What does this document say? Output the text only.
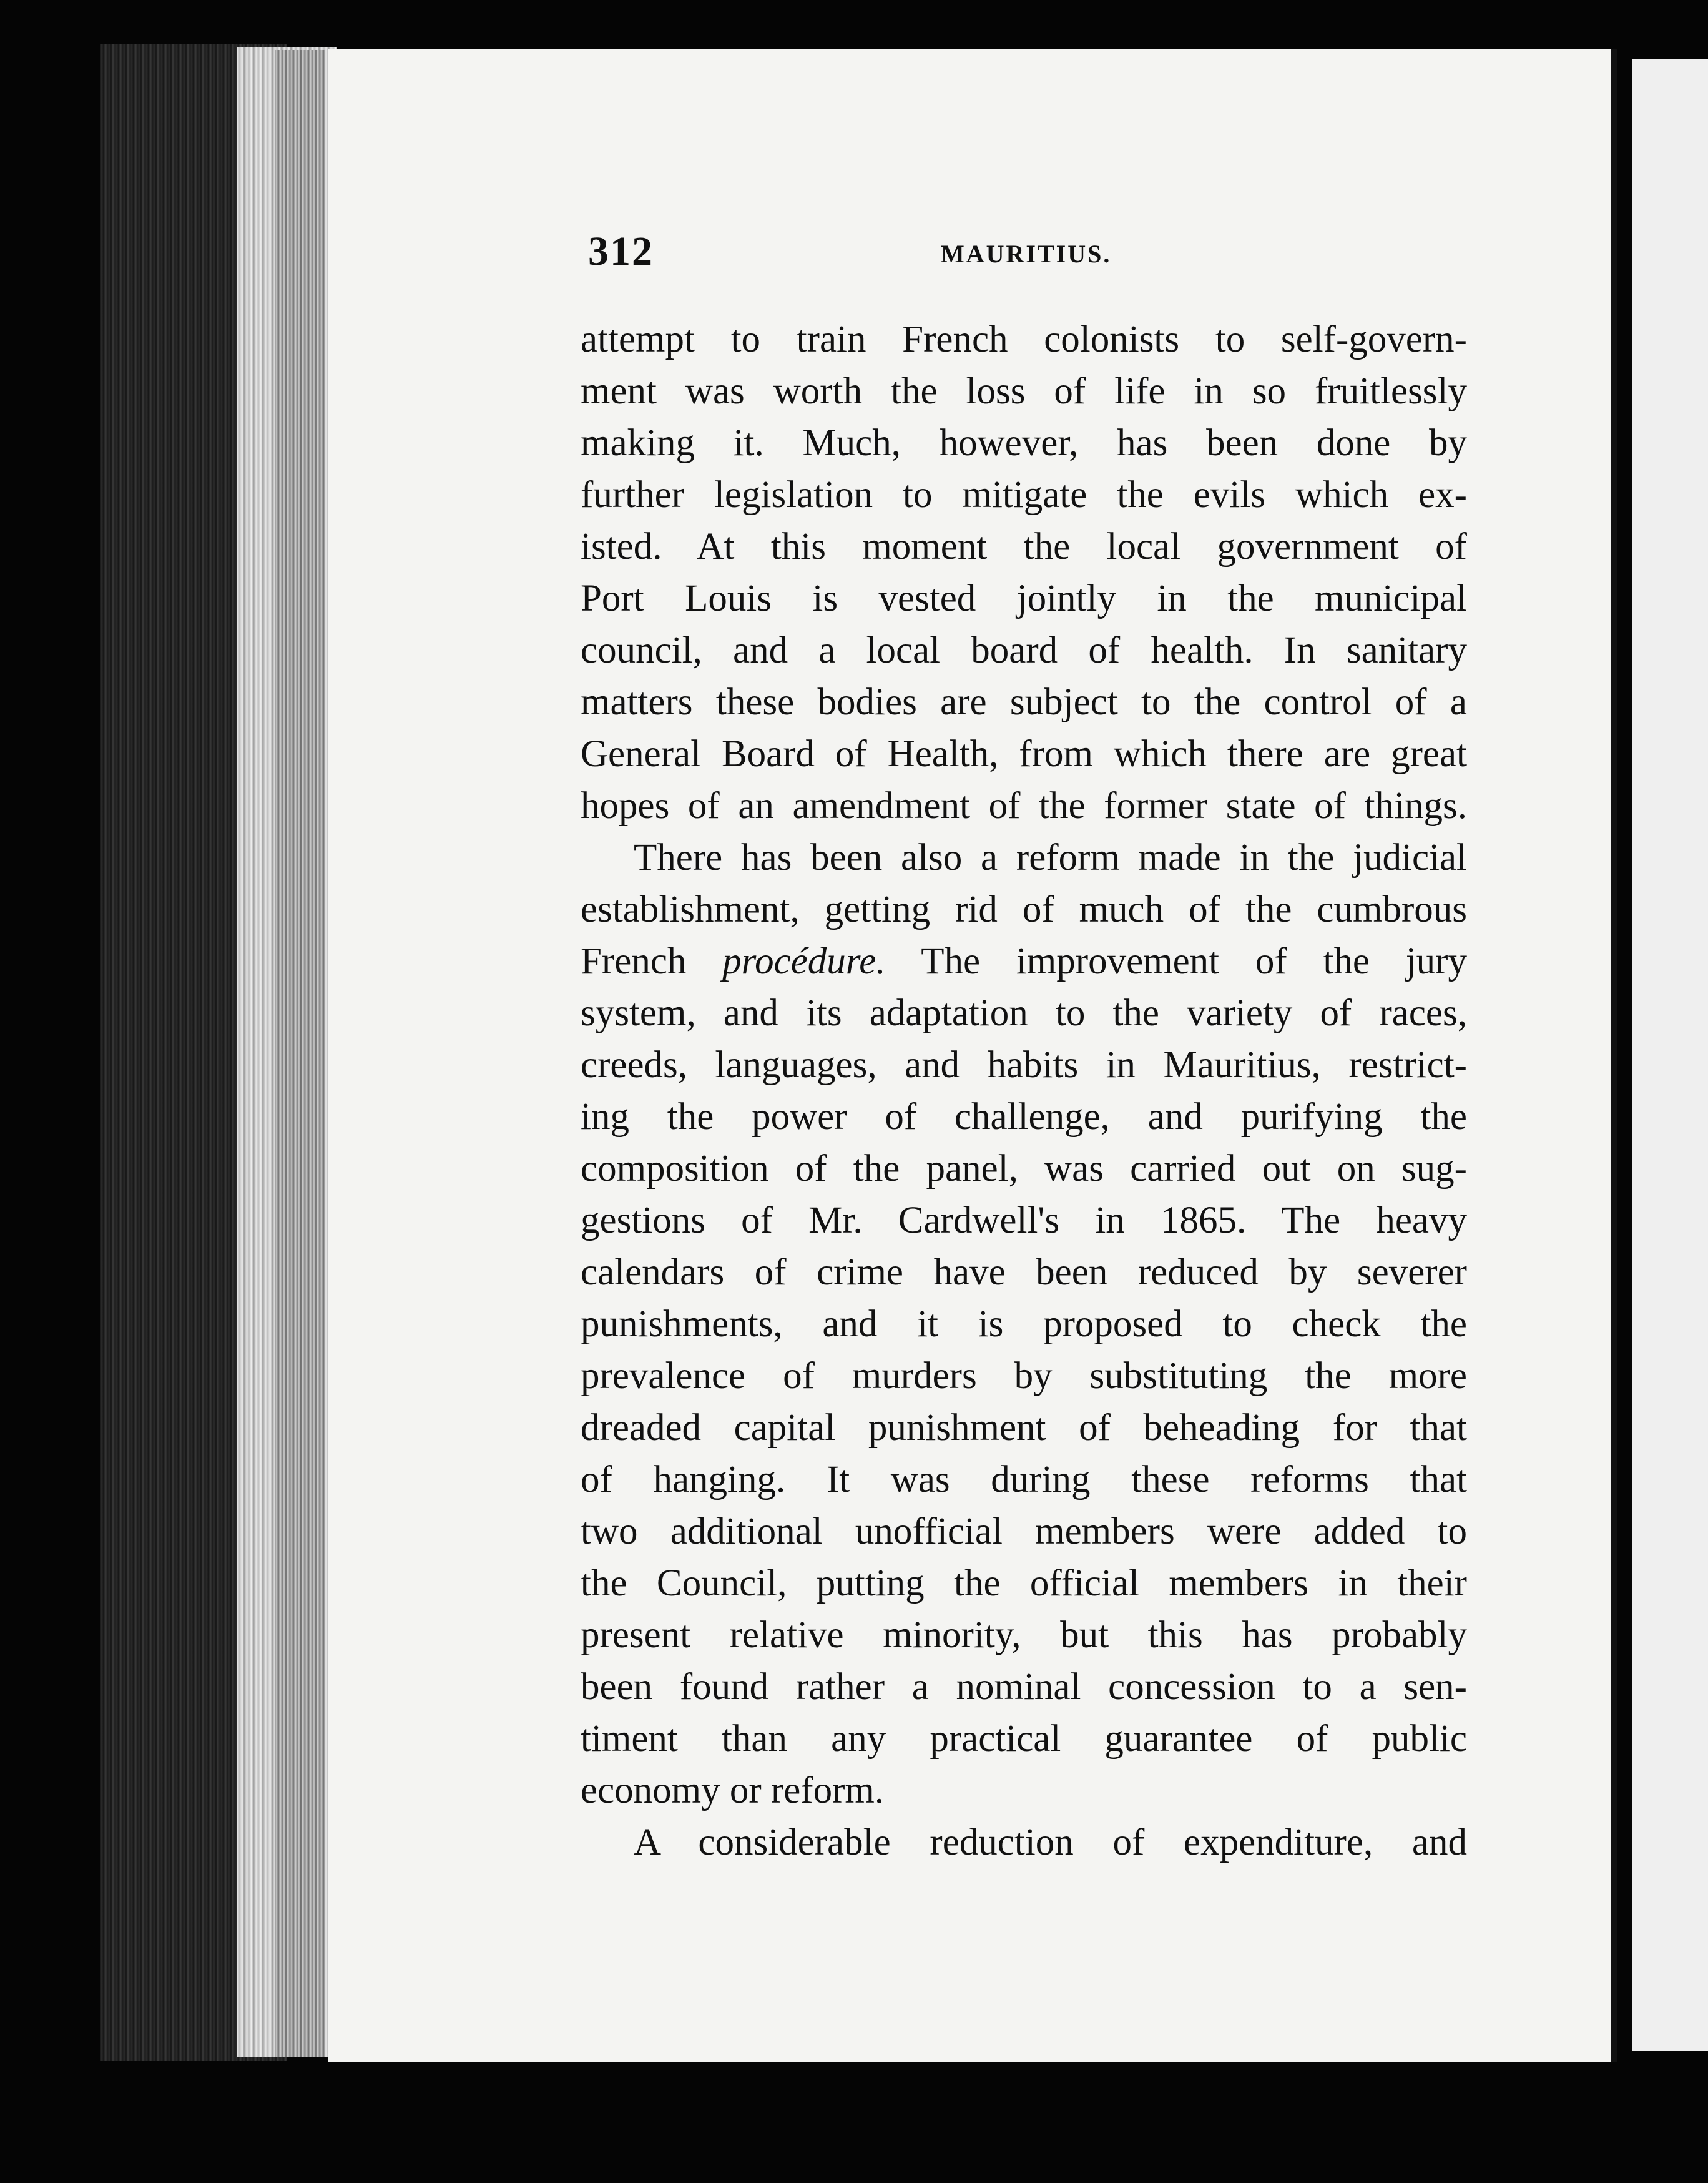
312	MAURITIUS.
attempt to train French colonists to self-govern-
ment was worth the loss of life in so fruitlessly
making it. Much, however, has been done by
further legislation to mitigate the evils which ex-
isted. At this moment the local government of
Port Louis is vested jointly in the municipal
council, and a local board of health. In sanitary
matters these bodies are subject to the control of a
General Board of Health, from which there are great
hopes of an amendment of the former state of things.
There has been also a reform made in the judicial
establishment, getting rid of much of the cumbrous
French procédure. The improvement of the jury
system, and its adaptation to the variety of races,
creeds, languages, and habits in Mauritius, restrict-
ing the power of challenge, and purifying the
composition of the panel, was carried out on sug-
gestions of Mr. Cardwell's in 1865. The heavy
calendars of crime have been reduced by severer
punishments, and it is proposed to check the
prevalence of murders by substituting the more
dreaded capital punishment of beheading for that
of hanging. It was during these reforms that
two additional unofficial members were added to
the Council, putting the official members in their
present relative minority, but this has probably
been found rather a nominal concession to a sen-
timent than any practical guarantee of public
economy or reform.
A considerable reduction of expenditure, and
